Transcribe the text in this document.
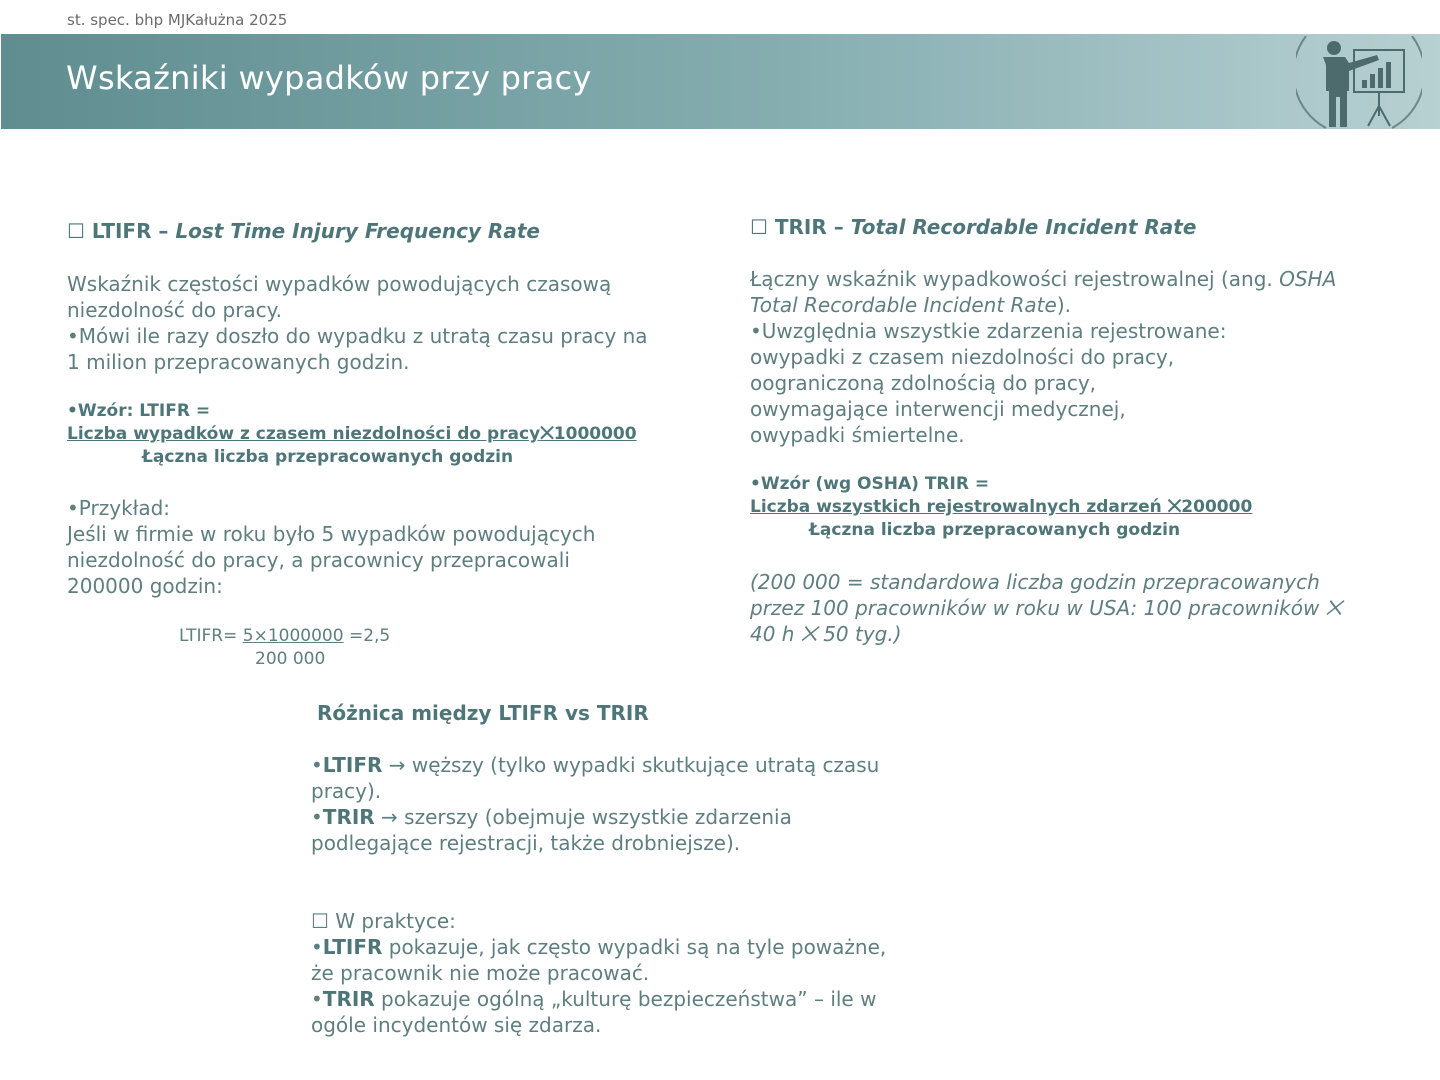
st. spec. bhp MJKałużna 2025
Wskaźniki wypadków przy pracy
☐ LTIFR – Lost Time Injury Frequency Rate
Wskaźnik częstości wypadków powodujących czasową
niezdolność do pracy.
•Mówi ile razy doszło do wypadku z utratą czasu pracy na
1 milion przepracowanych godzin.
•Wzór: LTIFR =
Liczba wypadków z czasem niezdolności do pracy⨉1000000
Łączna liczba przepracowanych godzin
•Przykład:
Jeśli w firmie w roku było 5 wypadków powodujących
niezdolność do pracy, a pracownicy przepracowali
200000 godzin:
LTIFR= 5×1000000 =2,5
200 000
☐ TRIR – Total Recordable Incident Rate
Łączny wskaźnik wypadkowości rejestrowalnej (ang. OSHA
Total Recordable Incident Rate).
•Uwzględnia wszystkie zdarzenia rejestrowane:
owypadki z czasem niezdolności do pracy,
oograniczoną zdolnością do pracy,
owymagające interwencji medycznej,
owypadki śmiertelne.
•Wzór (wg OSHA) TRIR =
Liczba wszystkich rejestrowalnych zdarzeń ⨉200000
Łączna liczba przepracowanych godzin
(200 000 = standardowa liczba godzin przepracowanych
przez 100 pracowników w roku w USA: 100 pracowników ⨉
40 h ⨉ 50 tyg.)
Różnica między LTIFR vs TRIR
•LTIFR → węższy (tylko wypadki skutkujące utratą czasu
pracy).
•TRIR → szerszy (obejmuje wszystkie zdarzenia
podlegające rejestracji, także drobniejsze).
☐ W praktyce:
•LTIFR pokazuje, jak często wypadki są na tyle poważne,
że pracownik nie może pracować.
•TRIR pokazuje ogólną „kulturę bezpieczeństwa” – ile w
ogóle incydentów się zdarza.
